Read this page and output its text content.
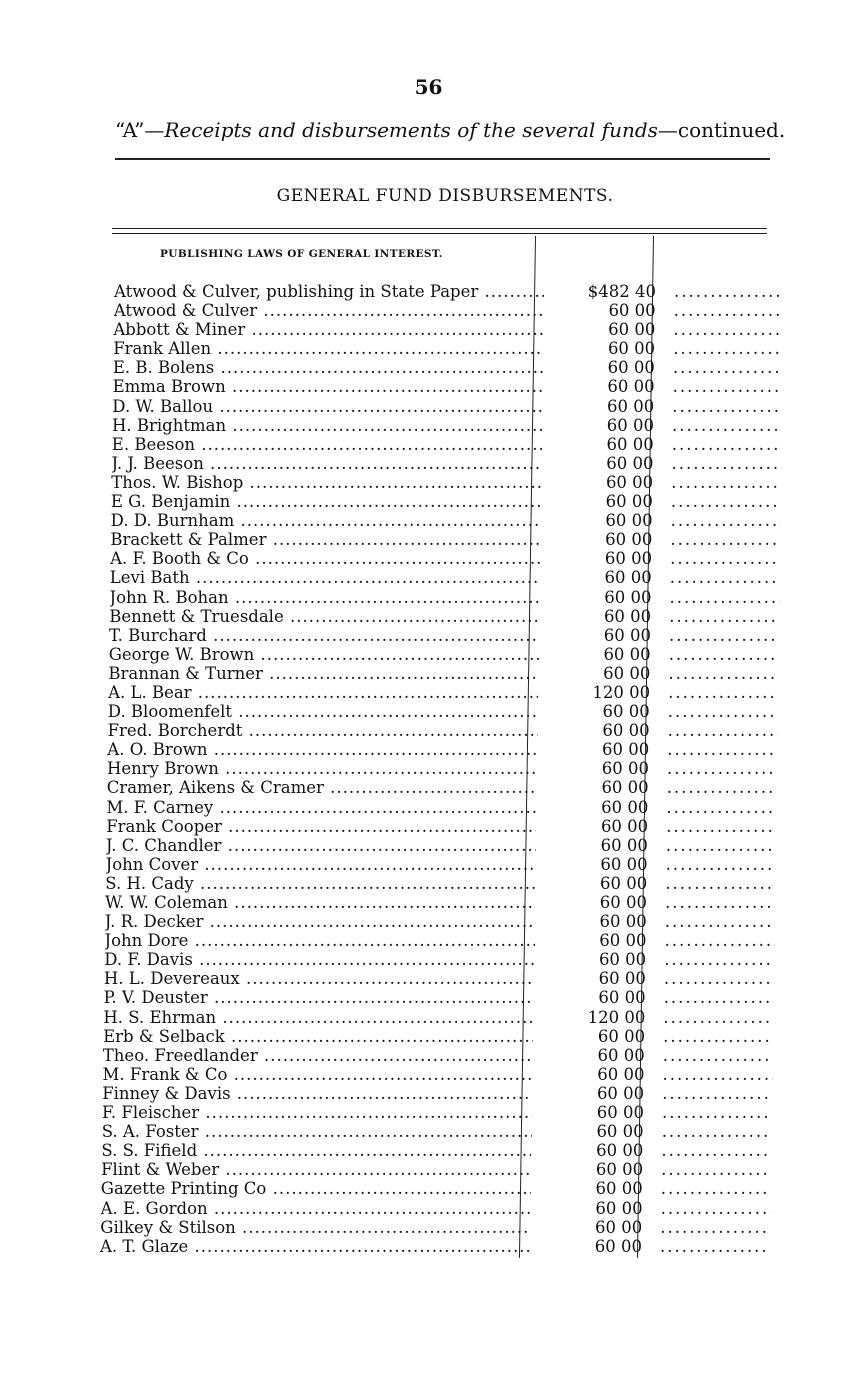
56
“A”—Receipts and disbursements of the several funds—continued.
GENERAL FUND DISBURSEMENTS.
PUBLISHING LAWS OF GENERAL INTEREST.
Atwood & Culver, publishing in State Paper .....	$482 40
.....
Atwood & Culver .....	60 00
.....
Abbott & Miner .....	60 00
.....
Frank Allen .....	60 00
.....
E. B. Bolens .....	60 00
.....
Emma Brown .....	60 00
.....
D. W. Ballou .....	60 00
.....
H. Brightman .....	60 00
.....
E. Beeson .....	60 00
.....
J. J. Beeson .....	60 00
.....
Thos. W. Bishop .....	60 00
.....
E G. Benjamin .....	60 00
.....
D. D. Burnham .....	60 00
.....
Brackett & Palmer .....	60 00
.....
A. F. Booth & Co .....	60 00
.....
Levi Bath .....	60 00
.....
John R. Bohan .....	60 00
.....
Bennett & Truesdale .....	60 00
.....
T. Burchard .....	60 00
.....
George W. Brown .....	60 00
.....
Brannan & Turner .....	60 00
.....
A. L. Bear .....	120 00
.....
D. Bloomenfelt .....	60 00
.....
Fred. Borcherdt .....	60 00
.....
A. O. Brown .....	60 00
.....
Henry Brown .....	60 00
.....
Cramer, Aikens & Cramer .....	60 00
.....
M. F. Carney .....	60 00
.....
Frank Cooper .....	60 00
.....
J. C. Chandler .....	60 00
.....
John Cover .....	60 00
.....
S. H. Cady .....	60 00
.....
W. W. Coleman .....	60 00
.....
J. R. Decker .....	60 00
.....
John Dore .....	60 00
.....
D. F. Davis .....	60 00
.....
H. L. Devereaux .....	60 00
.....
P. V. Deuster .....	60 00
.....
H. S. Ehrman .....	120 00
.....
Erb & Selback .....	60 00
.....
Theo. Freedlander .....	60 00
.....
M. Frank & Co .....	60 00
.....
Finney & Davis .....	60 00
.....
F. Fleischer .....	60 00
.....
S. A. Foster .....	60 00
.....
S. S. Fifield .....	60 00
.....
Flint & Weber .....	60 00
.....
Gazette Printing Co .....	60 00
.....
A. E. Gordon .....	60 00
.....
Gilkey & Stilson .....	60 00
.....
A. T. Glaze .....	60 00
.....
